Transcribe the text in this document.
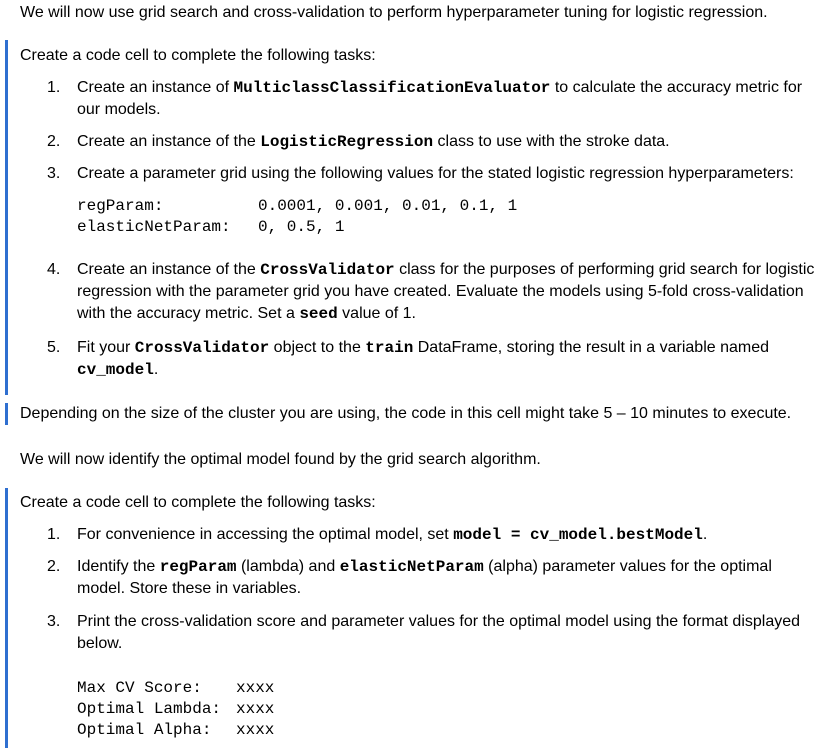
We will now use grid search and cross-validation to perform hyperparameter tuning for logistic regression.

Create a code cell to complete the following tasks:

1. Create an instance of MulticlassClassificationEvaluator to calculate the accuracy metric for our models.
2. Create an instance of the LogisticRegression class to use with the stroke data.
3. Create a parameter grid using the following values for the stated logistic regression hyperparameters:
regParam:	0.0001, 0.001, 0.01, 0.1, 1
elasticNetParam:	0, 0.5, 1
4. Create an instance of the CrossValidator class for the purposes of performing grid search for logistic regression with the parameter grid you have created. Evaluate the models using 5-fold cross-validation with the accuracy metric. Set a seed value of 1.
5. Fit your CrossValidator object to the train DataFrame, storing the result in a variable named cv_model.

Depending on the size of the cluster you are using, the code in this cell might take 5 – 10 minutes to execute.

We will now identify the optimal model found by the grid search algorithm.

Create a code cell to complete the following tasks:

1. For convenience in accessing the optimal model, set model = cv_model.bestModel.
2. Identify the regParam (lambda) and elasticNetParam (alpha) parameter values for the optimal model. Store these in variables.
3. Print the cross-validation score and parameter values for the optimal model using the format displayed below.
Max CV Score:	xxxx
Optimal Lambda:	xxxx
Optimal Alpha:	xxxx
